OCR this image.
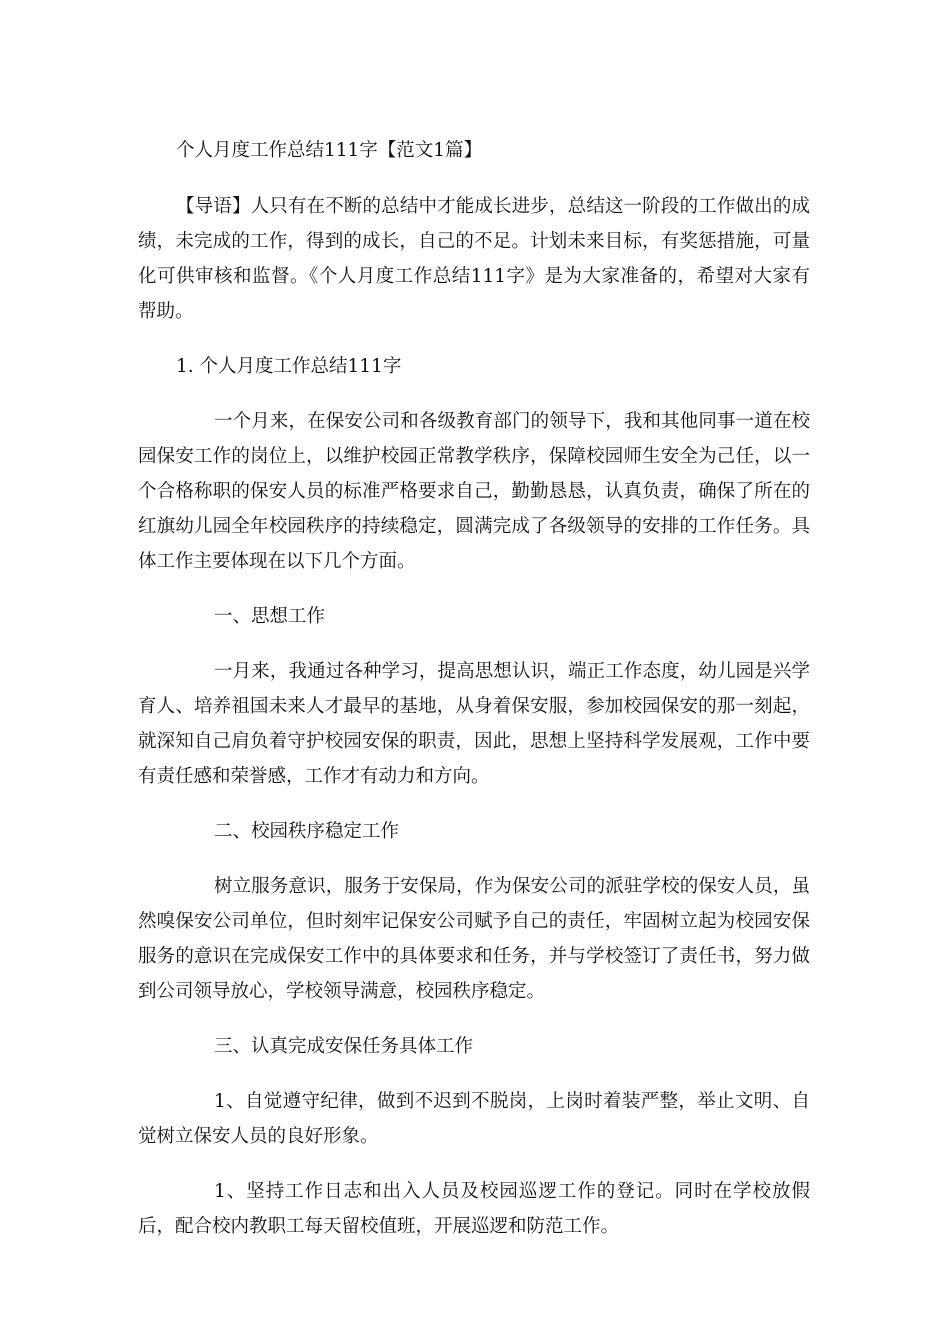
个人月度工作总结111字【范文1篇】

【导语】人只有在不断的总结中才能成长进步，总结这一阶段的工作做出的成绩，未完成的工作，得到的成长，自己的不足。计划未来目标，有奖惩措施，可量化可供审核和监督。《个人月度工作总结111字》是为大家准备的，希望对大家有帮助。

1. 个人月度工作总结111字

一个月来，在保安公司和各级教育部门的领导下，我和其他同事一道在校园保安工作的岗位上，以维护校园正常教学秩序，保障校园师生安全为己任，以一个合格称职的保安人员的标准严格要求自己，勤勤恳恳，认真负责，确保了所在的红旗幼儿园全年校园秩序的持续稳定，圆满完成了各级领导的安排的工作任务。具体工作主要体现在以下几个方面。

一、思想工作

一月来，我通过各种学习，提高思想认识，端正工作态度，幼儿园是兴学育人、培养祖国未来人才最早的基地，从身着保安服，参加校园保安的那一刻起，就深知自己肩负着守护校园安保的职责，因此，思想上坚持科学发展观，工作中要有责任感和荣誉感，工作才有动力和方向。

二、校园秩序稳定工作

树立服务意识，服务于安保局，作为保安公司的派驻学校的保安人员，虽然嗅保安公司单位，但时刻牢记保安公司赋予自己的责任，牢固树立起为校园安保服务的意识在完成保安工作中的具体要求和任务，并与学校签订了责任书，努力做到公司领导放心，学校领导满意，校园秩序稳定。

三、认真完成安保任务具体工作

1、自觉遵守纪律，做到不迟到不脱岗，上岗时着装严整，举止文明、自觉树立保安人员的良好形象。

1、坚持工作日志和出入人员及校园巡逻工作的登记。同时在学校放假后，配合校内教职工每天留校值班，开展巡逻和防范工作。
